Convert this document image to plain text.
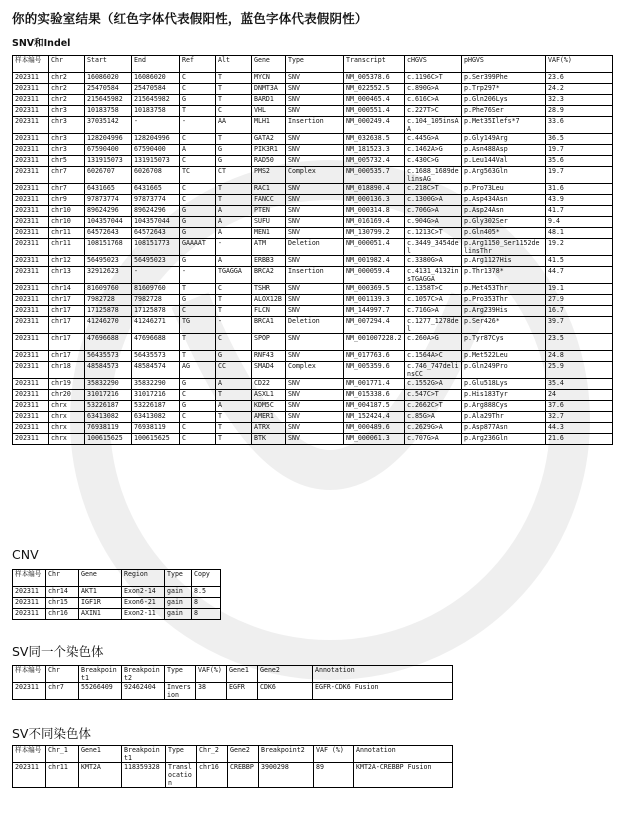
你的实验室结果（红色字体代表假阳性，蓝色字体代表假阴性）
SNV和Indel
样本编号	Chr	Start	End	Ref	Alt	Gene	Type	Transcript	cHGVS	pHGVS	VAF(%)
202311	chr2	16086020	16086020	C	T	MYCN	SNV	NM_005378.6	c.1196C>T	p.Ser399Phe	23.6
202311	chr2	25470584	25470584	C	T	DNMT3A	SNV	NM_022552.5	c.890G>A	p.Trp297*	24.2
202311	chr2	215645982	215645982	G	T	BARD1	SNV	NM_000465.4	c.616C>A	p.Gln206Lys	32.3
202311	chr3	10183758	10183758	T	C	VHL	SNV	NM_000551.4	c.227T>C	p.Phe76Ser	28.9
202311	chr3	37035142	-	-	AA	MLH1	Insertion	NM_000249.4	c.104_105insAA	p.Met35Ilefs*7	33.6
202311	chr3	128204996	128204996	C	T	GATA2	SNV	NM_032638.5	c.445G>A	p.Gly149Arg	36.5
202311	chr3	67590400	67590400	A	G	PIK3R1	SNV	NM_181523.3	c.1462A>G	p.Asn488Asp	19.7
202311	chr5	131915073	131915073	C	G	RAD50	SNV	NM_005732.4	c.430C>G	p.Leu144Val	35.6
202311	chr7	6026707	6026708	TC	CT	PMS2	Complex	NM_000535.7	c.1688_1689delinsAG	p.Arg563Gln	19.7
202311	chr7	6431665	6431665	C	T	RAC1	SNV	NM_018890.4	c.218C>T	p.Pro73Leu	31.6
202311	chr9	97873774	97873774	C	T	FANCC	SNV	NM_000136.3	c.1300G>A	p.Asp434Asn	43.9
202311	chr10	89624296	89624296	G	A	PTEN	SNV	NM_000314.8	c.706G>A	p.Asp24Asn	41.7
202311	chr10	104357044	104357044	G	A	SUFU	SNV	NM_016169.4	c.904G>A	p.Gly302Ser	9.4
202311	chr11	64572643	64572643	G	A	MEN1	SNV	NM_130799.2	c.1213C>T	p.Gln405*	48.1
202311	chr11	108151768	108151773	GAAAAT	-	ATM	Deletion	NM_000051.4	c.3449_3454del	p.Arg1150_Ser1152delinsThr	19.2
202311	chr12	56495023	56495023	G	A	ERBB3	SNV	NM_001982.4	c.3380G>A	p.Arg1127His	41.5
202311	chr13	32912623	-	-	TGAGGA	BRCA2	Insertion	NM_000059.4	c.4131_4132insTGAGGA	p.Thr1378*	44.7
202311	chr14	81609760	81609760	T	C	TSHR	SNV	NM_000369.5	c.1358T>C	p.Met453Thr	19.1
202311	chr17	7982728	7982728	G	T	ALOX12B	SNV	NM_001139.3	c.1057C>A	p.Pro353Thr	27.9
202311	chr17	17125878	17125878	C	T	FLCN	SNV	NM_144997.7	c.716G>A	p.Arg239His	16.7
202311	chr17	41246270	41246271	TG	-	BRCA1	Deletion	NM_007294.4	c.1277_1278del	p.Ser426*	39.7
202311	chr17	47696688	47696688	T	C	SPOP	SNV	NM_001007228.2	c.260A>G	p.Tyr87Cys	23.5
202311	chr17	56435573	56435573	T	G	RNF43	SNV	NM_017763.6	c.1564A>C	p.Met522Leu	24.8
202311	chr18	48584573	48584574	AG	CC	SMAD4	Complex	NM_005359.6	c.746_747delinsCC	p.Gln249Pro	25.9
202311	chr19	35832290	35832290	G	A	CD22	SNV	NM_001771.4	c.1552G>A	p.Glu518Lys	35.4
202311	chr20	31017216	31017216	C	T	ASXL1	SNV	NM_015338.6	c.547C>T	p.His183Tyr	24
202311	chrx	53226187	53226187	G	A	KDM5C	SNV	NM_004187.5	c.2662C>T	p.Arg888Cys	37.6
202311	chrx	63413082	63413082	C	T	AMER1	SNV	NM_152424.4	c.85G>A	p.Ala29Thr	32.7
202311	chrx	76938119	76938119	C	T	ATRX	SNV	NM_000489.6	c.2629G>A	p.Asp877Asn	44.3
202311	chrx	100615625	100615625	C	T	BTK	SNV	NM_000061.3	c.707G>A	p.Arg236Gln	21.6
CNV
样本编号	Chr	Gene	Region	Type	Copy
202311	chr14	AKT1	Exon2-14	gain	8.5
202311	chr15	IGF1R	Exon6-21	gain	8
202311	chr16	AXIN1	Exon2-11	gain	8
SV同一个染色体
样本编号	Chr	Breakpoint1	Breakpoint2	Type	VAF(%)	Gene1	Gene2	Annotation
202311	chr7	55266409	92462404	Inversion	38	EGFR	CDK6	EGFR-CDK6 Fusion
SV不同染色体
样本编号	Chr_1	Gene1	Breakpoint1	Type	Chr_2	Gene2	Breakpoint2	VAF (%)	Annotation
202311	chr11	KMT2A	118359328	Translocation	chr16	CREBBP	3900298	89	KMT2A-CREBBP Fusion
